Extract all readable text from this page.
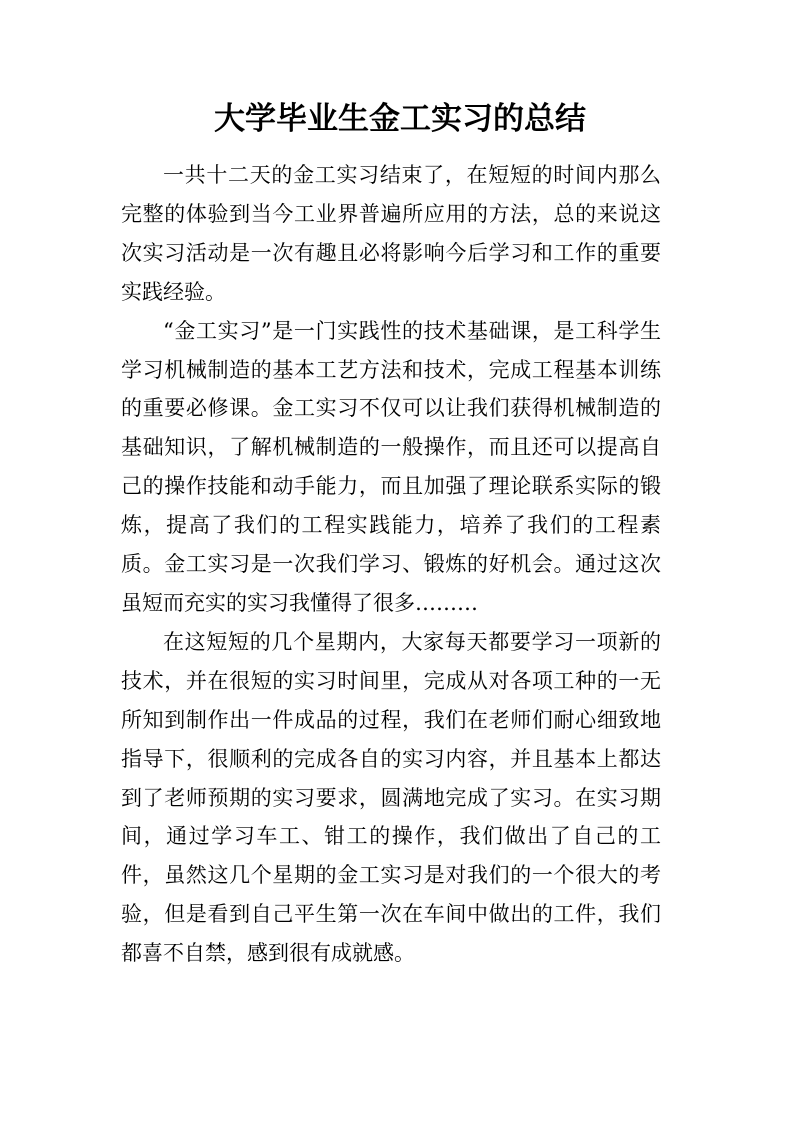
大学毕业生金工实习的总结

一共十二天的金工实习结束了，在短短的时间内那么完整的体验到当今工业界普遍所应用的方法，总的来说这次实习活动是一次有趣且必将影响今后学习和工作的重要实践经验。

“金工实习”是一门实践性的技术基础课，是工科学生学习机械制造的基本工艺方法和技术，完成工程基本训练的重要必修课。金工实习不仅可以让我们获得机械制造的基础知识，了解机械制造的一般操作，而且还可以提高自己的操作技能和动手能力，而且加强了理论联系实际的锻炼，提高了我们的工程实践能力，培养了我们的工程素质。金工实习是一次我们学习、锻炼的好机会。通过这次虽短而充实的实习我懂得了很多………

在这短短的几个星期内，大家每天都要学习一项新的技术，并在很短的实习时间里，完成从对各项工种的一无所知到制作出一件成品的过程，我们在老师们耐心细致地指导下，很顺利的完成各自的实习内容，并且基本上都达到了老师预期的实习要求，圆满地完成了实习。在实习期间，通过学习车工、钳工的操作，我们做出了自己的工件，虽然这几个星期的金工实习是对我们的一个很大的考验，但是看到自己平生第一次在车间中做出的工件，我们都喜不自禁，感到很有成就感。
